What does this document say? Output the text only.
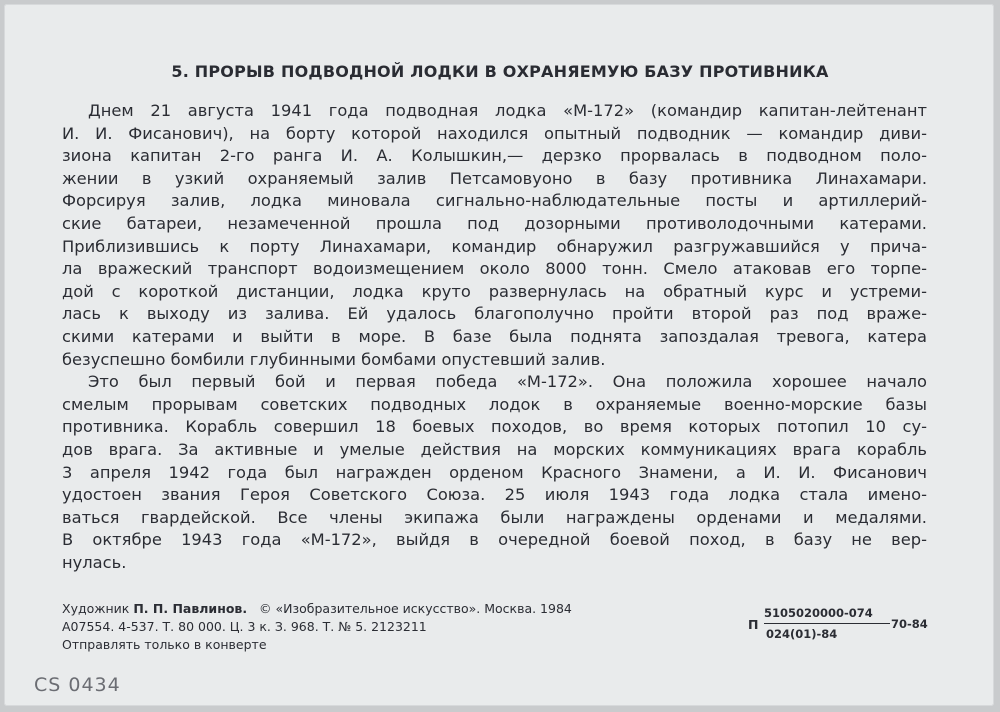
5. ПРОРЫВ ПОДВОДНОЙ ЛОДКИ В ОХРАНЯЕМУЮ БАЗУ ПРОТИВНИКА
Днем 21 августа 1941 года подводная лодка «М-172» (командир капитан-лейтенант
И. И. Фисанович), на борту которой находился опытный подводник — командир диви-
зиона капитан 2-го ранга И. А. Колышкин,— дерзко прорвалась в подводном поло-
жении в узкий охраняемый залив Петсамовуоно в базу противника Линахамари.
Форсируя залив, лодка миновала сигнально-наблюдательные посты и артиллерий-
ские батареи, незамеченной прошла под дозорными противолодочными катерами.
Приблизившись к порту Линахамари, командир обнаружил разгружавшийся у прича-
ла вражеский транспорт водоизмещением около 8000 тонн. Смело атаковав его торпе-
дой с короткой дистанции, лодка круто развернулась на обратный курс и устреми-
лась к выходу из залива. Ей удалось благополучно пройти второй раз под враже-
скими катерами и выйти в море. В базе была поднята запоздалая тревога, катера
безуспешно бомбили глубинными бомбами опустевший залив.
Это был первый бой и первая победа «М-172». Она положила хорошее начало
смелым прорывам советских подводных лодок в охраняемые военно-морские базы
противника. Корабль совершил 18 боевых походов, во время которых потопил 10 су-
дов врага. За активные и умелые действия на морских коммуникациях врага корабль
3 апреля 1942 года был награжден орденом Красного Знамени, а И. И. Фисанович
удостоен звания Героя Советского Союза. 25 июля 1943 года лодка стала имено-
ваться гвардейской. Все члены экипажа были награждены орденами и медалями.
В октябре 1943 года «М-172», выйдя в очередной боевой поход, в базу не вер-
нулась.
Художник П. П. Павлинов. © «Изобразительное искусство». Москва. 1984
А07554. 4-537. Т. 80 000. Ц. 3 к. З. 968. Т. № 5. 2123211
Отправлять только в конверте
П
5105020000-074
024(01)-84
70-84
CS 0434
